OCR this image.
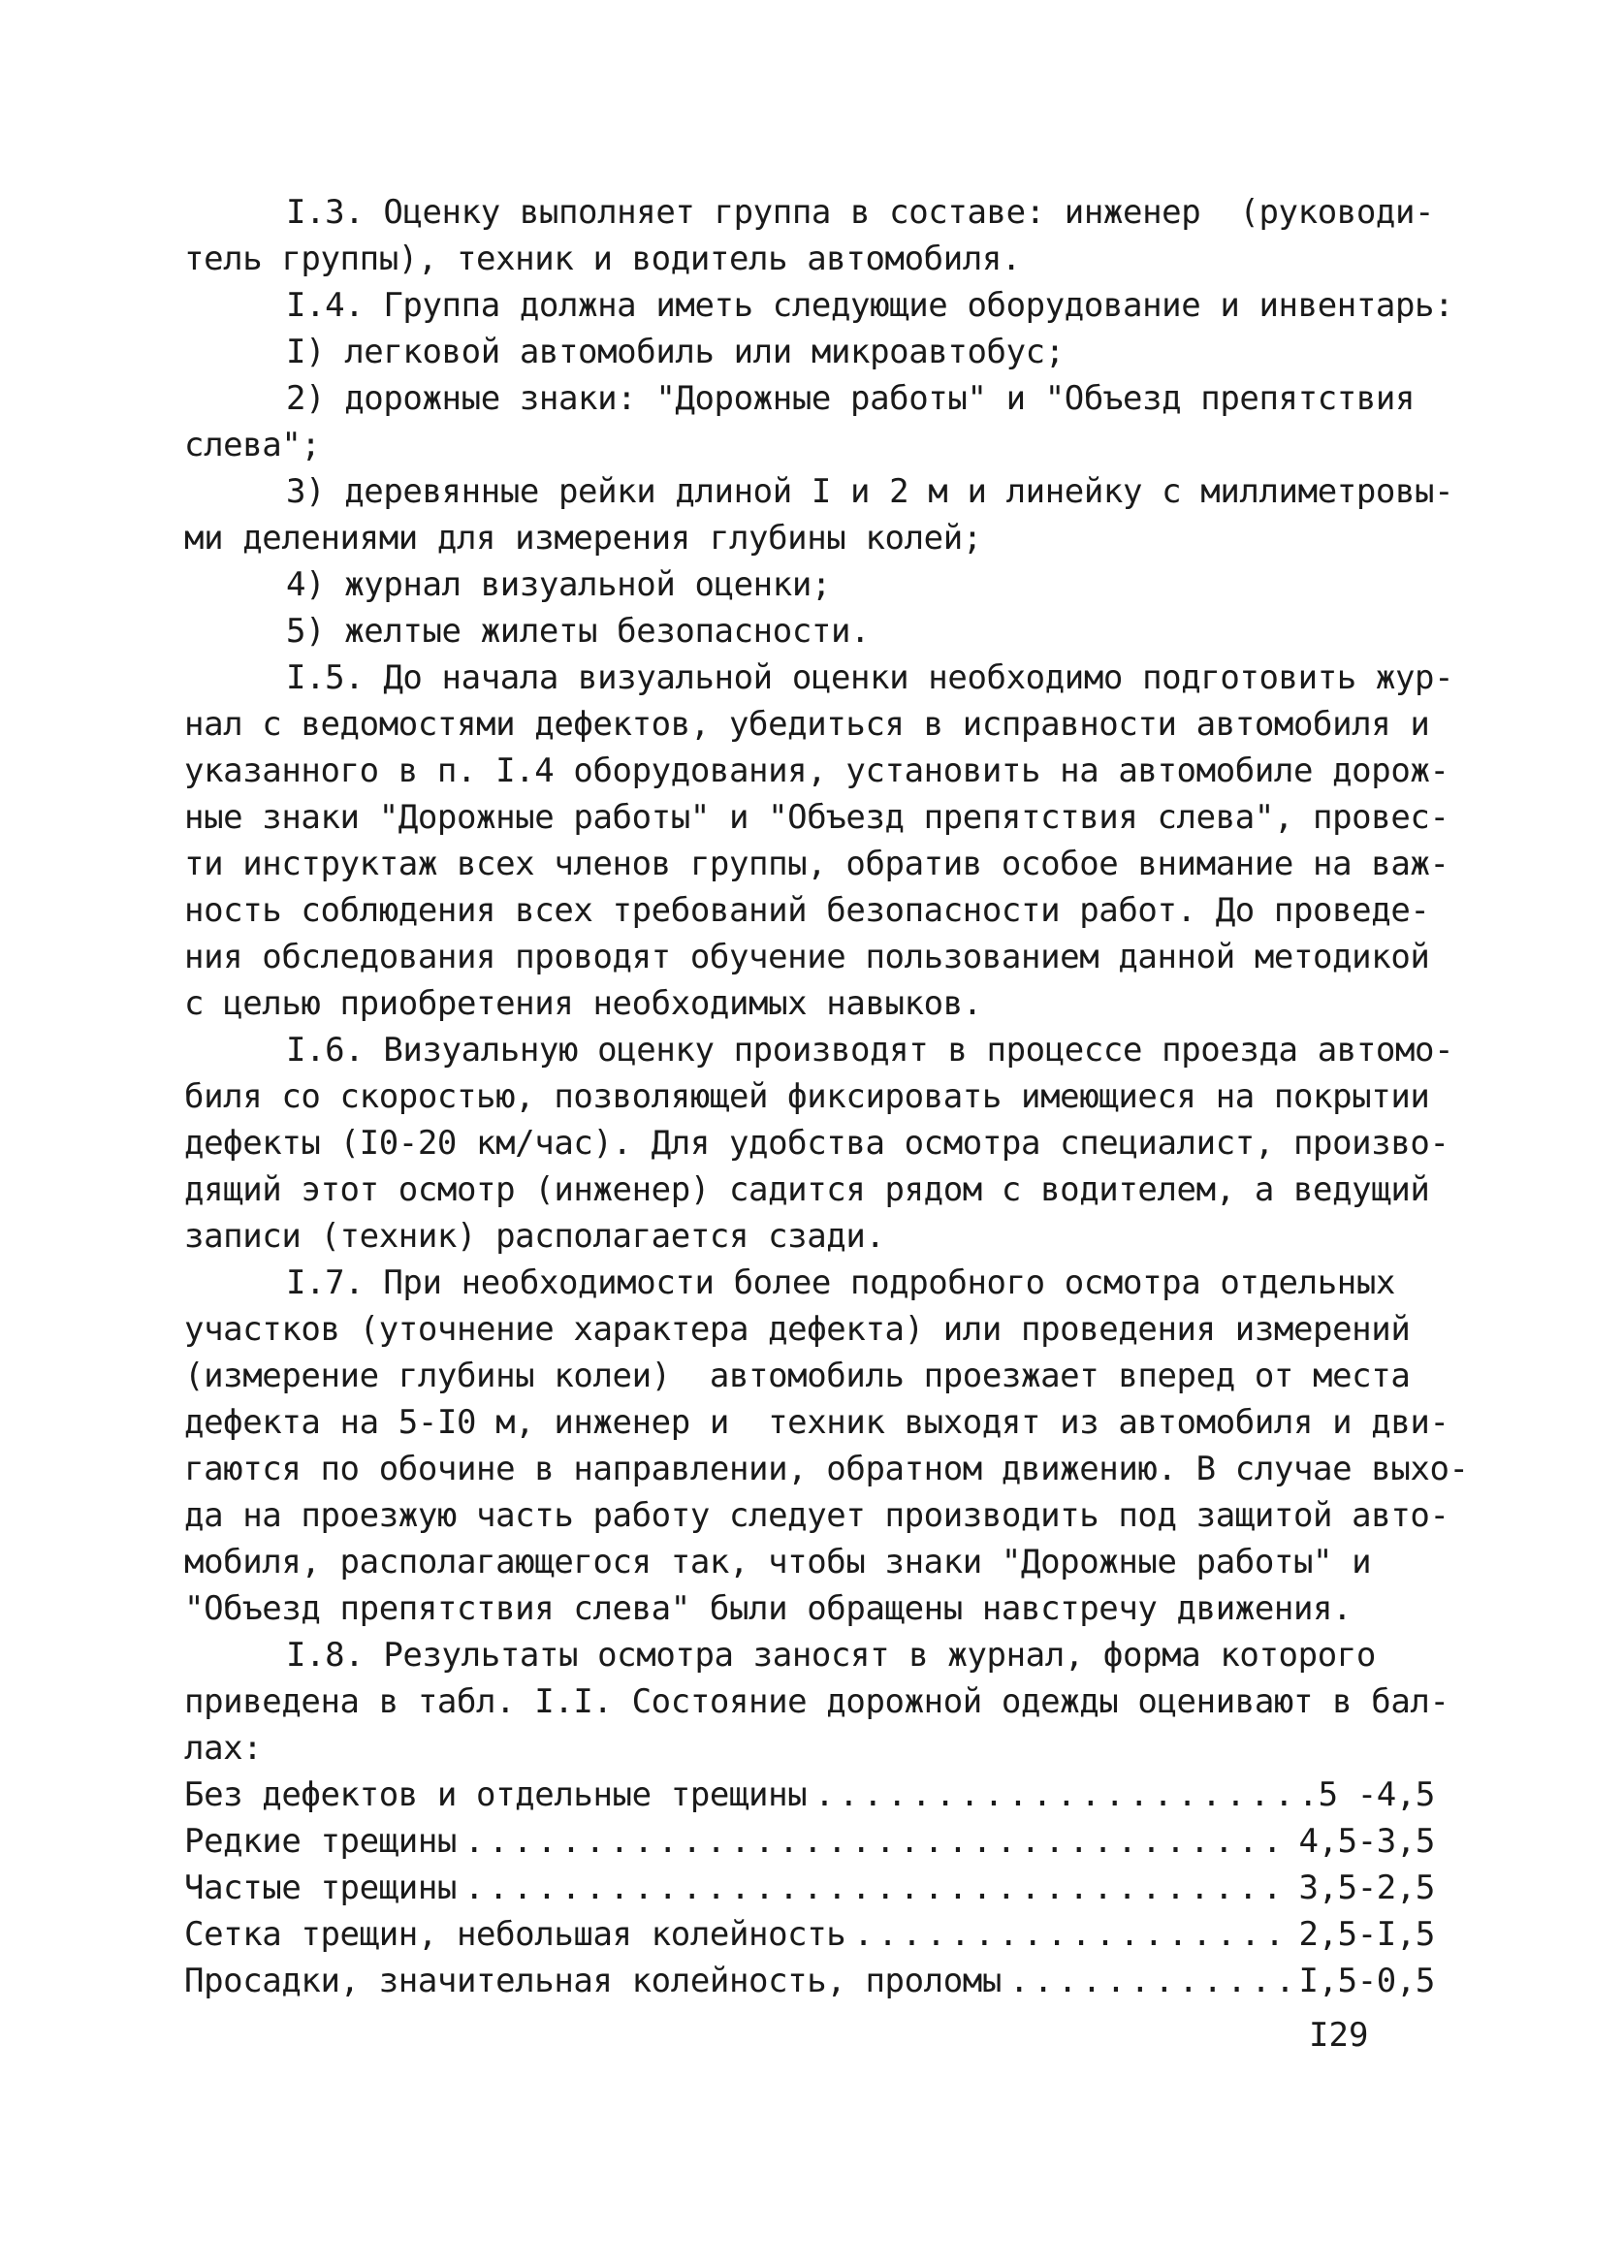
I.3. Оценку выполняет группа в составе: инженер  (руководи-
тель группы), техник и водитель автомобиля.
I.4. Группа должна иметь следующие оборудование и инвентарь:
I) легковой автомобиль или микроавтобус;
2) дорожные знаки: "Дорожные работы" и "Объезд препятствия
слева";
3) деревянные рейки длиной I и 2 м и линейку с миллиметровы-
ми делениями для измерения глубины колей;
4) журнал визуальной оценки;
5) желтые жилеты безопасности.
I.5. До начала визуальной оценки необходимо подготовить жур-
нал с ведомостями дефектов, убедиться в исправности автомобиля и
указанного в п. I.4 оборудования, установить на автомобиле дорож-
ные знаки "Дорожные работы" и "Объезд препятствия слева", провес-
ти инструктаж всех членов группы, обратив особое внимание на важ-
ность соблюдения всех требований безопасности работ. До проведе-
ния обследования проводят обучение пользованием данной методикой
с целью приобретения необходимых навыков.
I.6. Визуальную оценку производят в процессе проезда автомо-
биля со скоростью, позволяющей фиксировать имеющиеся на покрытии
дефекты (I0-20 км/час). Для удобства осмотра специалист, произво-
дящий этот осмотр (инженер) садится рядом с водителем, а ведущий
записи (техник) располагается сзади.
I.7. При необходимости более подробного осмотра отдельных
участков (уточнение характера дефекта) или проведения измерений
(измерение глубины колеи)  автомобиль проезжает вперед от места
дефекта на 5-I0 м, инженер и  техник выходят из автомобиля и дви-
гаются по обочине в направлении, обратном движению. В случае выхо-
да на проезжую часть работу следует производить под защитой авто-
мобиля, располагающегося так, чтобы знаки "Дорожные работы" и
"Объезд препятствия слева" были обращены навстречу движения.
I.8. Результаты осмотра заносят в журнал, форма которого
приведена в табл. I.I. Состояние дорожной одежды оценивают в бал-
лах:
Без дефектов и отдельные трещины . . .	5 -4,5
Редкие трещины . . .	4,5-3,5
Частые трещины . . .	3,5-2,5
Сетка трещин, небольшая колейность . . .	2,5-I,5
Просадки, значительная колейность, проломы . . .	I,5-0,5
I29
